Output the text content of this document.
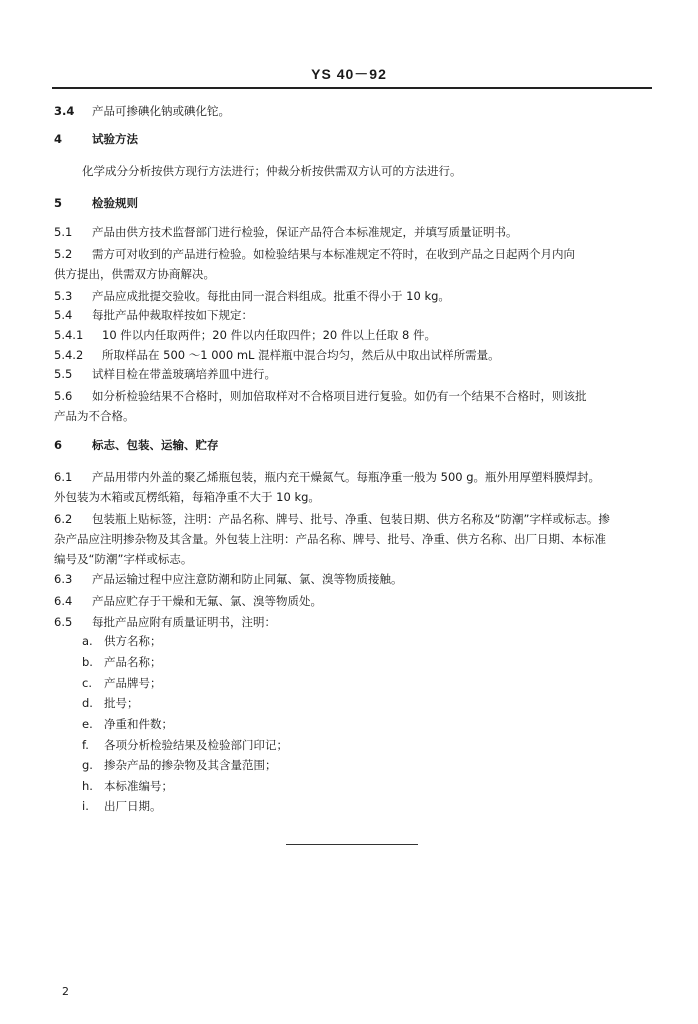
YS 40－92
3.4 产品可掺碘化钠或碘化铊。
4	试验方法
化学成分分析按供方现行方法进行；仲裁分析按供需双方认可的方法进行。
5	检验规则
5.1 产品由供方技术监督部门进行检验，保证产品符合本标准规定，并填写质量证明书。
5.2 需方可对收到的产品进行检验。如检验结果与本标准规定不符时，在收到产品之日起两个月内向
供方提出，供需双方协商解决。
5.3 产品应成批提交验收。每批由同一混合料组成。批重不得小于 10 kg。
5.4 每批产品仲裁取样按如下规定：
5.4.1 10 件以内任取两件；20 件以内任取四件；20 件以上任取 8 件。
5.4.2 所取样品在 500 ～1 000 mL 混样瓶中混合均匀，然后从中取出试样所需量。
5.5 试样目检在带盖玻璃培养皿中进行。
5.6 如分析检验结果不合格时，则加倍取样对不合格项目进行复验。如仍有一个结果不合格时，则该批
产品为不合格。
6	标志、包装、运输、贮存
6.1 产品用带内外盖的聚乙烯瓶包装，瓶内充干燥氮气。每瓶净重一般为 500 g。瓶外用厚塑料膜焊封。
外包装为木箱或瓦楞纸箱，每箱净重不大于 10 kg。
6.2 包装瓶上贴标签，注明：产品名称、牌号、批号、净重、包装日期、供方名称及“防潮”字样或标志。掺
杂产品应注明掺杂物及其含量。外包装上注明：产品名称、牌号、批号、净重、供方名称、出厂日期、本标准
编号及“防潮”字样或标志。
6.3 产品运输过程中应注意防潮和防止同氟、氯、溴等物质接触。
6.4 产品应贮存于干燥和无氟、氯、溴等物质处。
6.5 每批产品应附有质量证明书，注明：
a. 供方名称；
b. 产品名称；
c. 产品牌号；
d. 批号；
e. 净重和件数；
f. 各项分析检验结果及检验部门印记；
g. 掺杂产品的掺杂物及其含量范围；
h. 本标准编号；
i. 出厂日期。
2
